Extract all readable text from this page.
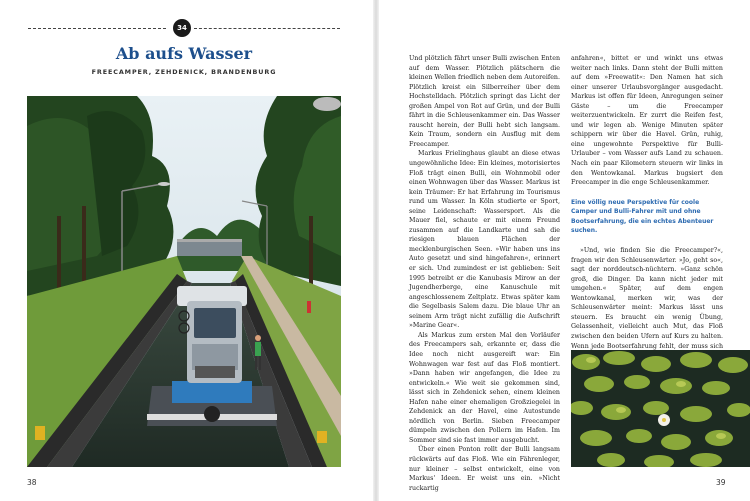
34
Ab aufs Wasser
FREECAMPER, ZEHDENICK, BRANDENBURG
38

Und plötzlich fährt unser Bulli zwischen Enten auf dem Wasser. Plötzlich plätschern die kleinen Wellen friedlich neben dem Autoreifen. Plötzlich kreist ein Silberreiher über dem Hochstelldach. Plötzlich springt das Licht der großen Ampel von Rot auf Grün, und der Bulli fährt in die Schleusenkammer ein. Das Wasser rauscht herein, der Bulli hebt sich langsam. Kein Traum, sondern ein Ausflug mit dem Freecamper.

Markus Frielinghaus glaubt an diese etwas ungewöhnliche Idee: Ein kleines, motorisiertes Floß trägt einen Bulli, ein Wohnmobil oder einen Wohnwagen über das Wasser. Markus ist kein Träumer: Er hat Erfahrung im Tourismus rund um Wasser. In Köln studierte er Sport, seine Leidenschaft: Wassersport. Als die Mauer fiel, schaute er mit einem Freund zusammen auf die Landkarte und sah die riesigen blauen Flächen der mecklenburgischen Seen. »Wir haben uns ins Auto gesetzt und sind hingefahren«, erinnert er sich. Und zumindest er ist geblieben: Seit 1995 betreibt er die Kanubasis Mirow an der Jugendherberge, eine Kanuschule mit angeschlossenem Zeltplatz. Etwas später kam die Segelbasis Salem dazu. Die blaue Uhr an seinem Arm trägt nicht zufällig die Aufschrift »Marine Gear«.

Als Markus zum ersten Mal den Vorläufer des Freecampers sah, erkannte er, dass die Idee noch nicht ausgereift war: Ein Wohnwagen war fest auf das Floß montiert. »Dann haben wir angefangen, die Idee zu entwickeln.« Wie weit sie gekommen sind, lässt sich in Zehdenick sehen, einem kleinen Hafen nahe einer ehemaligen Großziegelei in Zehdenick an der Havel, eine Autostunde nördlich von Berlin. Sieben Freecamper dümpeln zwischen den Pollern im Hafen. Im Sommer sind sie fast immer ausgebucht.

Über einen Ponton rollt der Bulli langsam rückwärts auf das Floß. Wie ein Fährenleger, nur kleiner – selbst entwickelt, eine von Markus' Ideen. Er weist uns ein. »Nicht ruckartig

anfahren«, bittet er und winkt uns etwas weiter nach links. Dann steht der Bulli mitten auf dem »Freewatit«: Den Namen hat sich einer unserer Urlaubsvorgänger ausgedacht. Markus ist offen für Ideen, Anregungen seiner Gäste – um die Freecamper weiterzuentwickeln. Er zurrt die Reifen fest, und wir legen ab. Wenige Minuten später schippern wir über die Havel. Grün, ruhig, eine ungewohnte Perspektive für Bulli-Urlauber – vom Wasser aufs Land zu schauen. Nach ein paar Kilometern steuern wir links in den Wentowkanal. Markus bugsiert den Freecamper in die enge Schleusenkammer.

Eine völlig neue Perspektive für coole Camper und Bulli-Fahrer mit und ohne Bootserfahrung, die ein echtes Abenteuer suchen.

»Und, wie finden Sie die Freecamper?«, fragen wir den Schleusenwärter. »Jo, geht so«, sagt der norddeutsch-nüchtern. »Ganz schön groß, die Dinger. Da kann nicht jeder mit umgehen.« Später, auf dem engen Wentowkanal, merken wir, was der Schleusenwärter meint: Markus lässt uns steuern. Es braucht ein wenig Übung, Gelassenheit, vielleicht auch Mut, das Floß zwischen den beiden Ufern auf Kurs zu halten. Wenn jede Bootserfahrung fehlt, der muss sich

39
